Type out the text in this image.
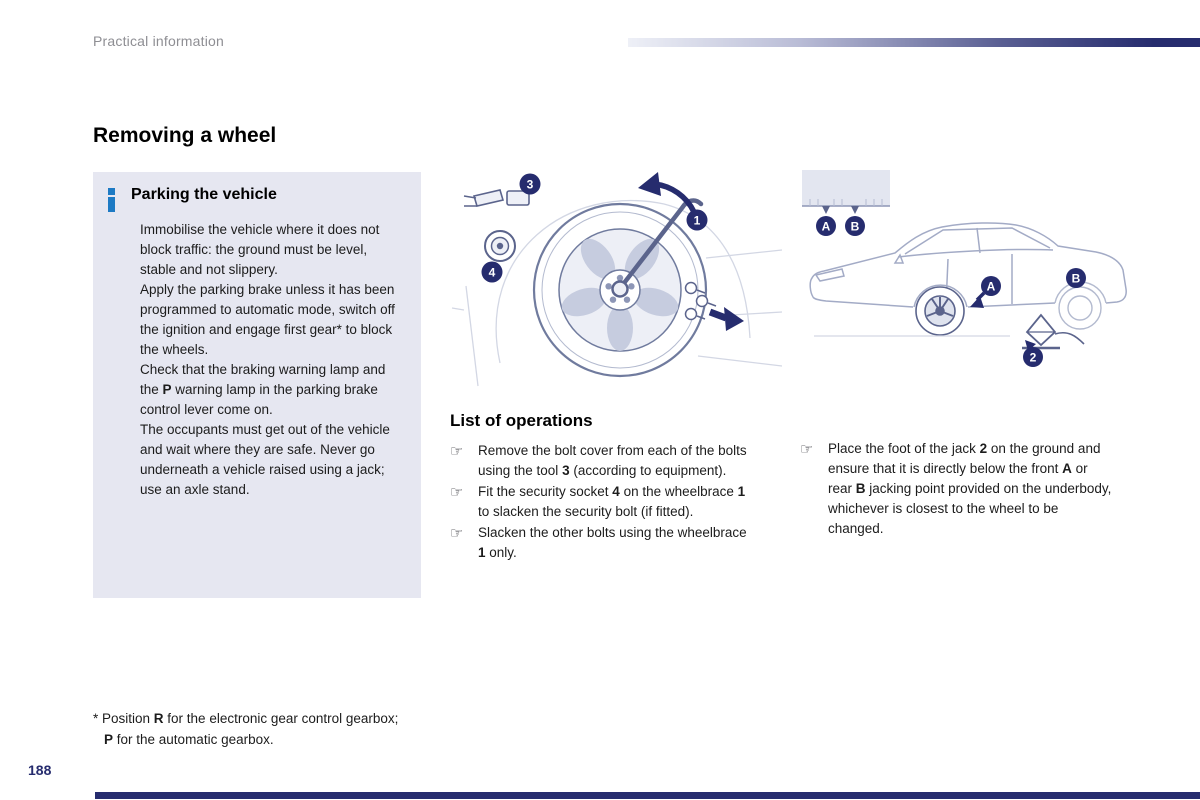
Practical information
Removing a wheel
Parking the vehicle

Immobilise the vehicle where it does not block traffic: the ground must be level, stable and not slippery.

Apply the parking brake unless it has been programmed to automatic mode, switch off the ignition and engage first gear* to block the wheels.

Check that the braking warning lamp and the P warning lamp in the parking brake control lever come on.

The occupants must get out of the vehicle and wait where they are safe. Never go underneath a vehicle raised using a jack; use an axle stand.

1
3
4
List of operations
☞	Remove the bolt cover from each of the bolts using the tool 3 (according to equipment).
☞	Fit the security socket 4 on the wheelbrace 1 to slacken the security bolt (if fitted).
☞	Slacken the other bolts using the wheelbrace 1 only.
A B
A
B
2
☞	Place the foot of the jack 2 on the ground and ensure that it is directly below the front A or rear B jacking point provided on the underbody, whichever is closest to the wheel to be changed.
* Position R for the electronic gear control gearbox; P for the automatic gearbox.
188
